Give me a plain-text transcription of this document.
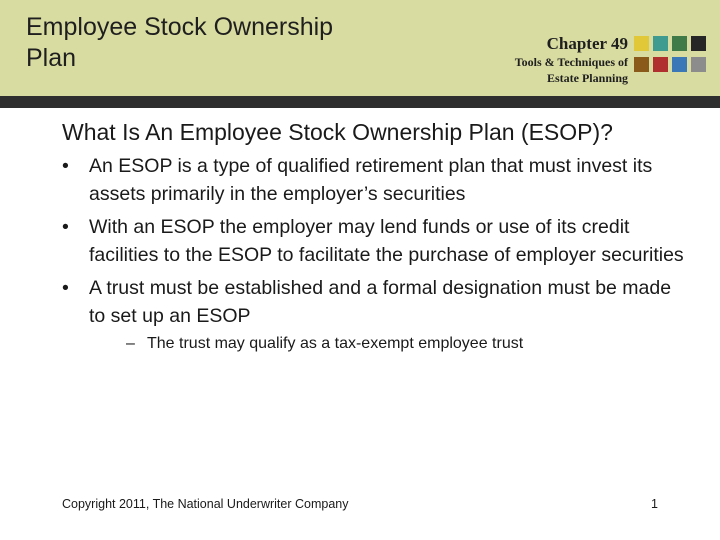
Employee Stock Ownership
Plan
Chapter 49
Tools & Techniques of
Estate Planning
What Is An Employee Stock Ownership Plan (ESOP)?
• An ESOP is a type of qualified retirement plan that must invest its assets primarily in the employer’s securities
• With an ESOP the employer may lend funds or use of its credit facilities to the ESOP to facilitate the purchase of employer securities
• A trust must be established and a formal designation must be made to set up an ESOP
– The trust may qualify as a tax-exempt employee trust
Copyright 2011, The National Underwriter Company	1
